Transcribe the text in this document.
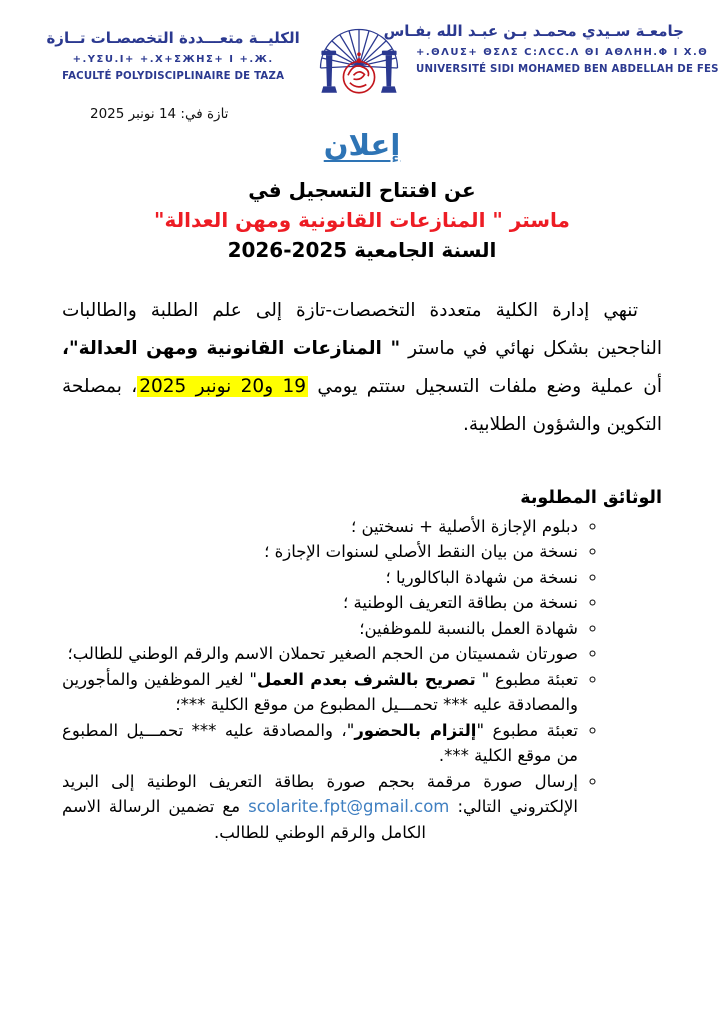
الكليــة متعـــددة التخصصـات تــازة
+.YΣU.I+ +.X+ΣЖHΣ+ I +.Ж.
FACULTÉ POLYDISCIPLINAIRE DE TAZA
جامعـة سـيدي محمـد بـن عبـد الله بفـاس
+.ΘΛUΣ+ ΘΣΛΣ C:ΛCC.Λ ΘΙ ΑΘΛHH.Φ I X.Θ
UNIVERSITÉ SIDI MOHAMED BEN ABDELLAH DE FES
تازة في: 14 نونبر 2025
إعلان
عن افتتاح التسجيل في
ماستر " المنازعات القانونية ومهن العدالة"
السنة الجامعية 2025-2026

تنهي إدارة الكلية متعددة التخصصات-تازة إلى علم الطلبة والطالبات الناجحين بشكل نهائي في ماستر " المنازعات القانونية ومهن العدالة"، أن عملية وضع ملفات التسجيل ستتم يومي 19 و20 نونبر 2025، بمصلحة التكوين والشؤون الطلابية.

الوثائق المطلوبة
◦ دبلوم الإجازة الأصلية + نسختين ؛
◦ نسخة من بيان النقط الأصلي لسنوات الإجازة ؛
◦ نسخة من شهادة الباكالوريا ؛
◦ نسخة من بطاقة التعريف الوطنية ؛
◦ شهادة العمل بالنسبة للموظفين؛
◦ صورتان شمسيتان من الحجم الصغير تحملان الاسم والرقم الوطني للطالب؛
◦ تعبئة مطبوع " تصريح بالشرف بعدم العمل" لغير الموظفين والمأجورين والمصادقة عليه *** تحمـــيل المطبوع من موقع الكلية ***؛
◦ تعبئة مطبوع "إلتزام بالحضور"، والمصادقة عليه *** تحمـــيل المطبوع من موقع الكلية ***.
◦ إرسال صورة مرقمة بحجم صورة بطاقة التعريف الوطنية إلى البريد الإلكتروني التالي: scolarite.fpt@gmail.com مع تضمين الرسالة الاسم الكامل والرقم الوطني للطالب.
